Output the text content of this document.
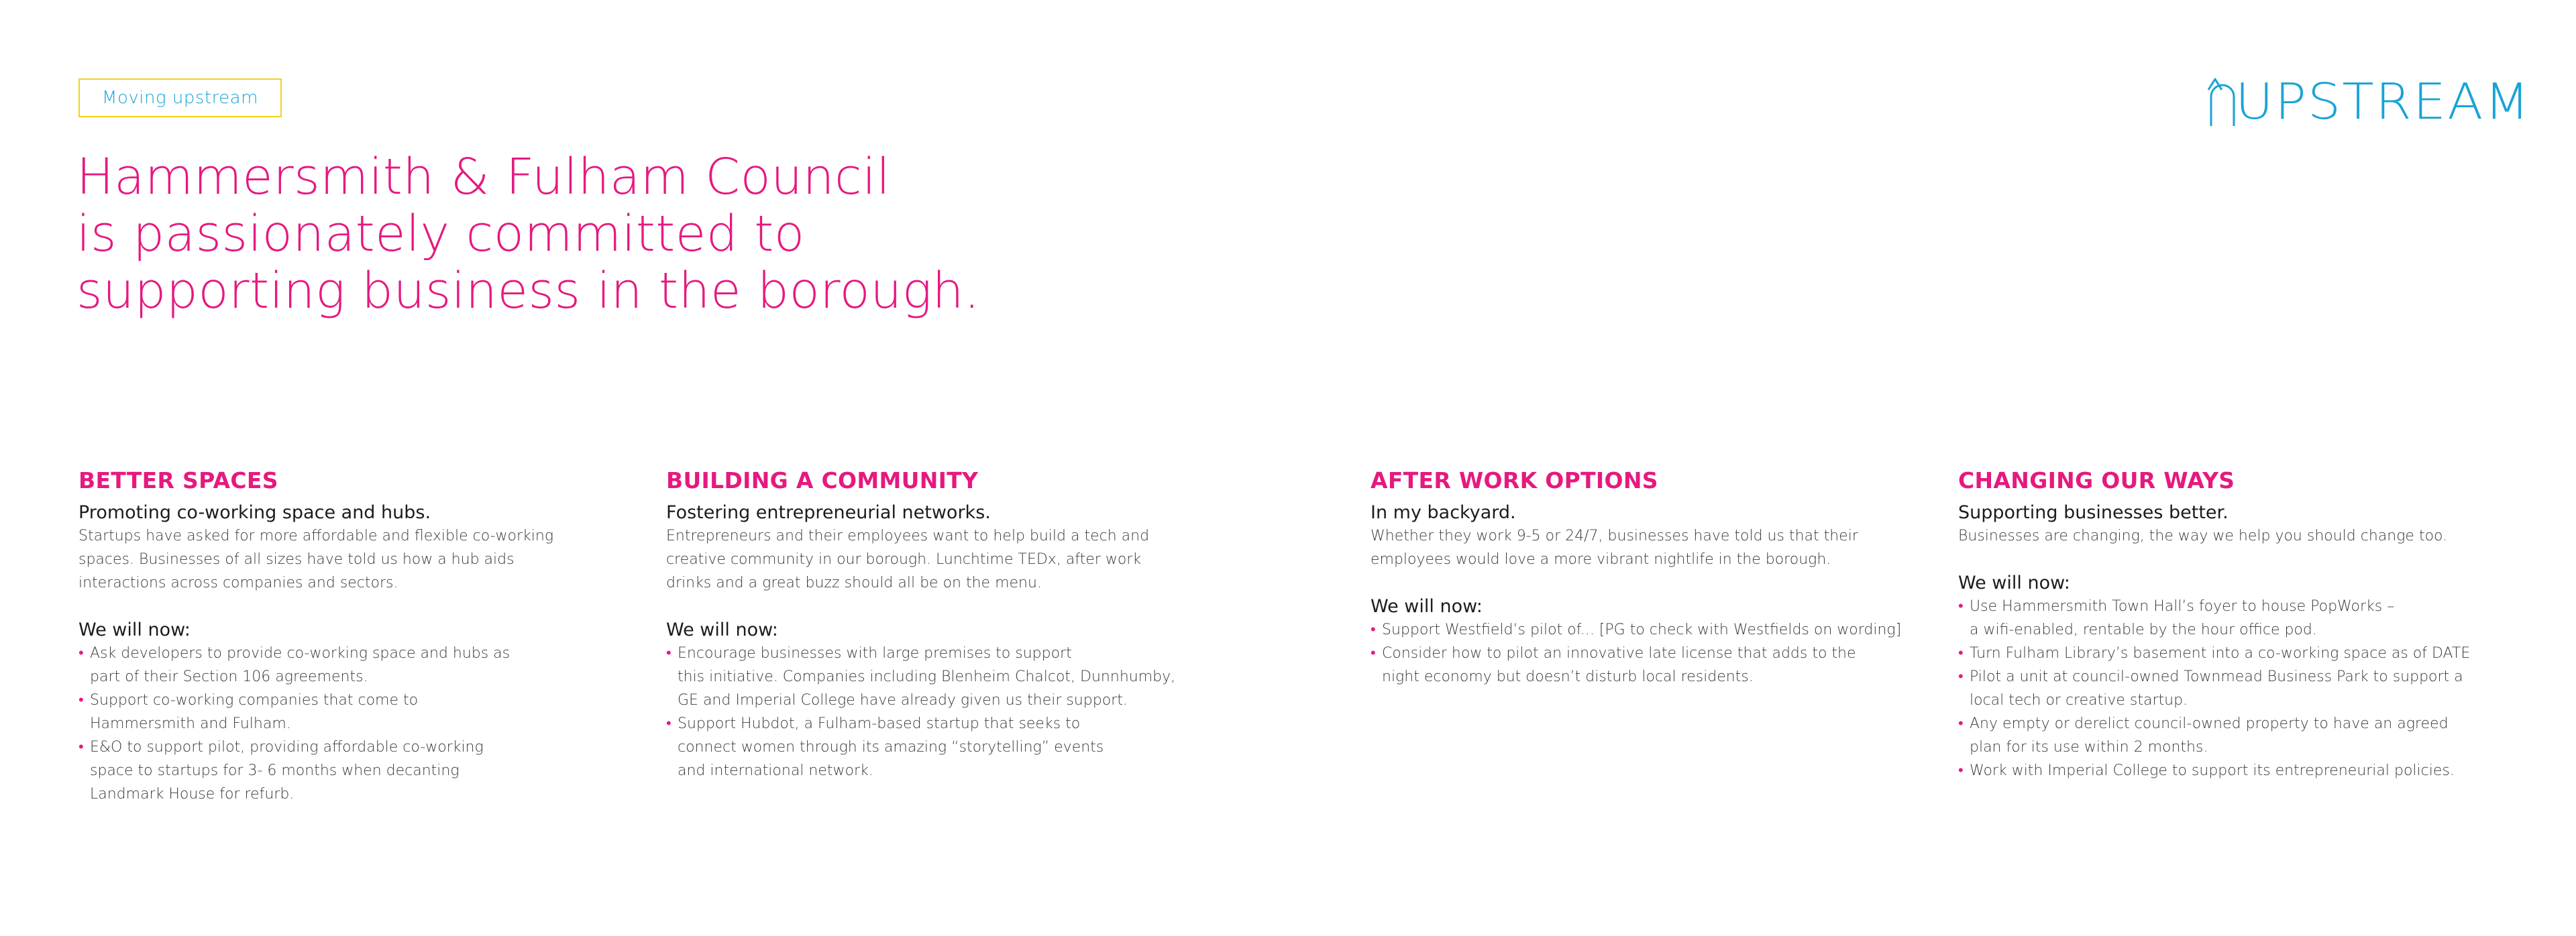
Moving upstream	UPSTREAM
Hammersmith & Fulham Council
is passionately committed to
supporting business in the borough.
BETTER SPACES

Promoting co-working space and hubs.

Startups have asked for more affordable and flexible co-working
spaces. Businesses of all sizes have told us how a hub aids
interactions across companies and sectors.

We will now:

• Ask developers to provide co-working space and hubs as
part of their Section 106 agreements.
• Support co-working companies that come to
Hammersmith and Fulham.
• E&O to support pilot, providing affordable co-working
space to startups for 3- 6 months when decanting
Landmark House for refurb.
BUILDING A COMMUNITY

Fostering entrepreneurial networks.

Entrepreneurs and their employees want to help build a tech and
creative community in our borough. Lunchtime TEDx, after work
drinks and a great buzz should all be on the menu.

We will now:

• Encourage businesses with large premises to support
this initiative. Companies including Blenheim Chalcot, Dunnhumby,
GE and Imperial College have already given us their support.
• Support Hubdot, a Fulham-based startup that seeks to
connect women through its amazing “storytelling” events
and international network.
AFTER WORK OPTIONS

In my backyard.

Whether they work 9-5 or 24/7, businesses have told us that their
employees would love a more vibrant nightlife in the borough.

We will now:

• Support Westfield’s pilot of... [PG to check with Westfields on wording]
• Consider how to pilot an innovative late license that adds to the
night economy but doesn’t disturb local residents.
CHANGING OUR WAYS

Supporting businesses better.

Businesses are changing, the way we help you should change too.

We will now:

• Use Hammersmith Town Hall’s foyer to house PopWorks –
a wifi-enabled, rentable by the hour office pod.
• Turn Fulham Library’s basement into a co-working space as of DATE
• Pilot a unit at council-owned Townmead Business Park to support a
local tech or creative startup.
• Any empty or derelict council-owned property to have an agreed
plan for its use within 2 months.
• Work with Imperial College to support its entrepreneurial policies.
